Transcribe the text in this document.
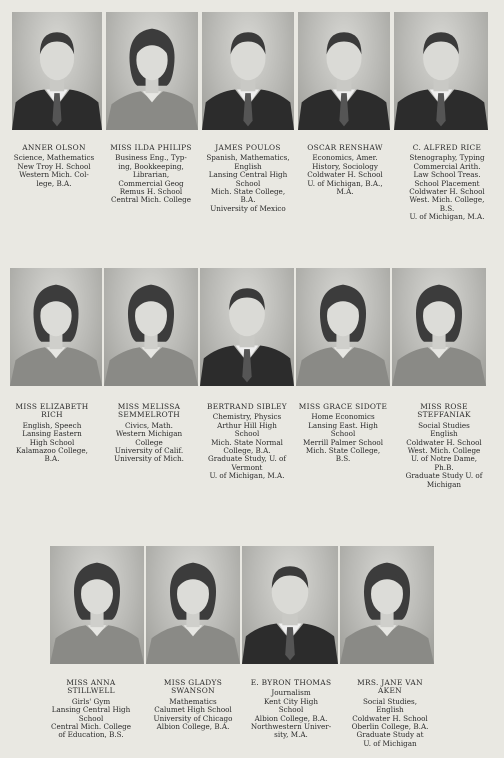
ANNER OLSON
Science, Mathematics
New Troy H. School
Western Mich. Col-
lege, B.A.
MISS ILDA PHILIPS
Business Eng., Typ-
ing, Bookkeeping,
Librarian,
Commercial Geog
Remus H. School
Central Mich. College
JAMES POULOS
Spanish, Mathematics,
English
Lansing Central High
School
Mich. State College,
B.A.
University of Mexico
OSCAR RENSHAW
Economics, Amer.
History, Sociology
Coldwater H. School
U. of Michigan, B.A.,
M.A.
C. ALFRED RICE
Stenography, Typing
Commercial Arith.
Law School Treas.
School Placement
Coldwater H. School
West. Mich. College,
B.S.
U. of Michigan, M.A.
MISS ELIZABETH
RICH
English, Speech
Lansing Eastern
High School
Kalamazoo College,
B.A.
MISS MELISSA
SEMMELROTH
Civics, Math.
Western Michigan
College
University of Calif.
University of Mich.
BERTRAND SIBLEY
Chemistry, Physics
Arthur Hill High
School
Mich. State Normal
College, B.A.
Graduate Study, U. of
Vermont
U. of Michigan, M.A.
MISS GRACE SIDOTE
Home Economics
Lansing East. High
School
Merrill Palmer School
Mich. State College,
B.S.
MISS ROSE
STEFFANIAK
Social Studies
English
Coldwater H. School
West. Mich. College
U. of Notre Dame,
Ph.B.
Graduate Study U. of
Michigan
MISS ANNA
STILLWELL
Girls' Gym
Lansing Central High
School
Central Mich. College
of Education, B.S.
MISS GLADYS
SWANSON
Mathematics
Calumet High School
University of Chicago
Albion College, B.A.
E. BYRON THOMAS
Journalism
Kent City High
School
Albion College, B.A.
Northwestern Univer-
sity, M.A.
MRS. JANE VAN
AKEN
Social Studies,
English
Coldwater H. School
Oberlin College, B.A.
Graduate Study at
U. of Michigan
